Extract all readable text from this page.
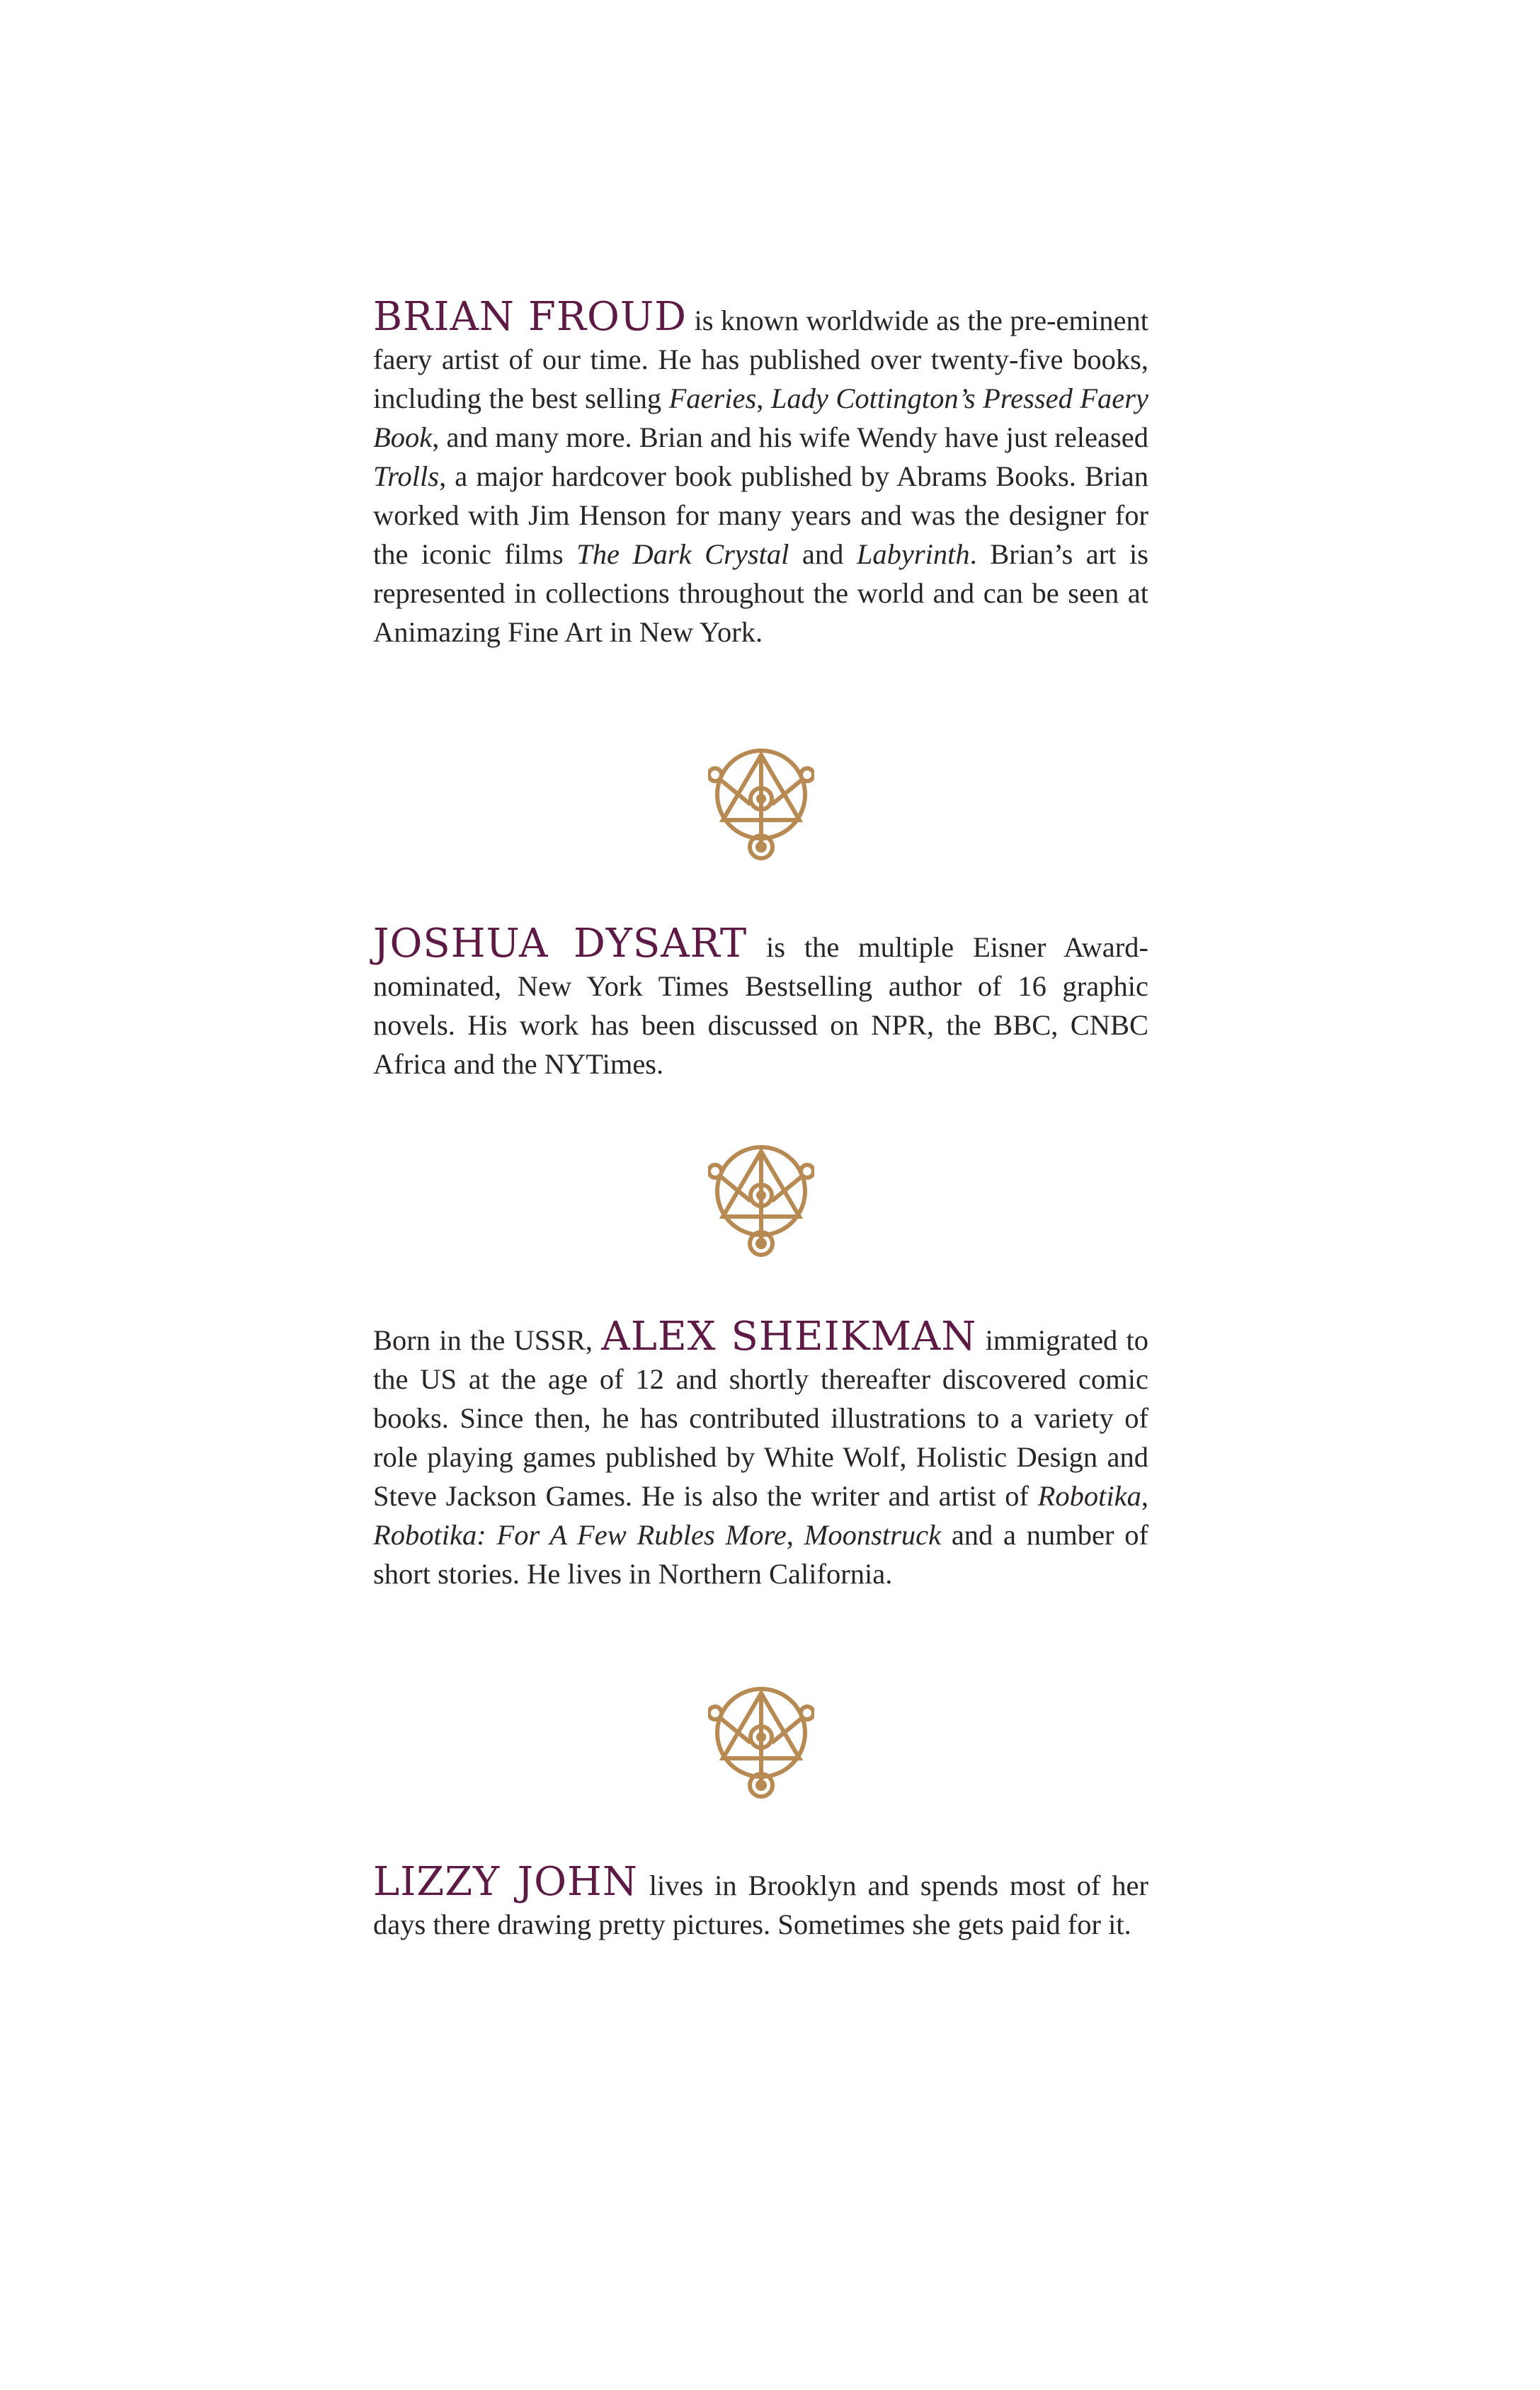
BRIAN FROUD is known worldwide as the pre-eminent faery artist of our time. He has published over twenty-five books, including the best selling Faeries, Lady Cottington’s Pressed Faery Book, and many more. Brian and his wife Wendy have just released Trolls, a major hardcover book published by Abrams Books. Brian worked with Jim Henson for many years and was the designer for the iconic films The Dark Crystal and Labyrinth. Brian’s art is represented in collections throughout the world and can be seen at Animazing Fine Art in New York.

JOSHUA DYSART is the multiple Eisner Award-nominated, New York Times Bestselling author of 16 graphic novels. His work has been discussed on NPR, the BBC, CNBC Africa and the NYTimes.

Born in the USSR, ALEX SHEIKMAN immigrated to the US at the age of 12 and shortly thereafter discovered comic books. Since then, he has contributed illustrations to a variety of role playing games published by White Wolf, Holistic Design and Steve Jackson Games. He is also the writer and artist of Robotika, Robotika: For A Few Rubles More, Moonstruck and a number of short stories. He lives in Northern California.

LIZZY JOHN lives in Brooklyn and spends most of her days there drawing pretty pictures. Sometimes she gets paid for it.
